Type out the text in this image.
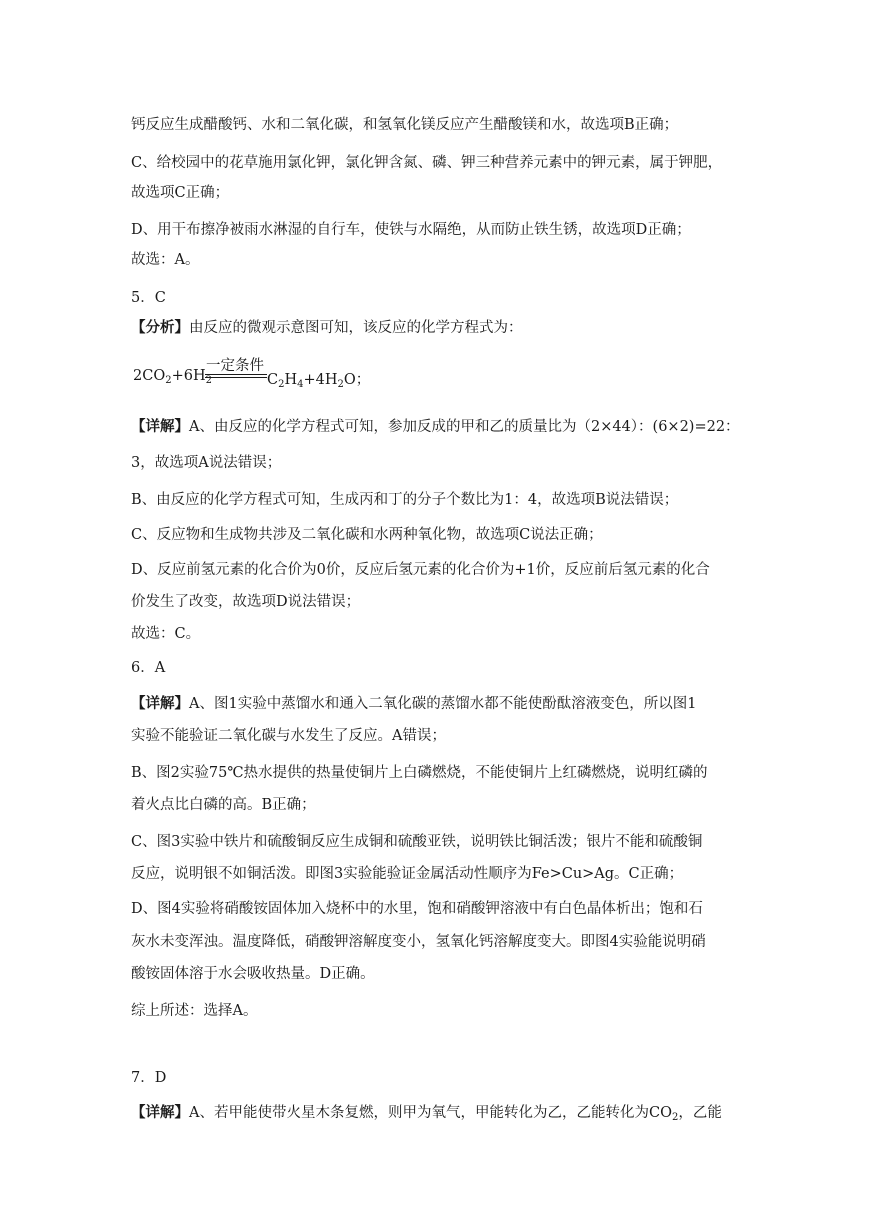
钙反应生成醋酸钙、水和二氧化碳，和氢氧化镁反应产生醋酸镁和水，故选项B正确；
C、给校园中的花草施用氯化钾，氯化钾含氮、磷、钾三种营养元素中的钾元素，属于钾肥，
故选项C正确；
D、用干布擦净被雨水淋湿的自行车，使铁与水隔绝，从而防止铁生锈，故选项D正确；
故选：A。
5．C
【分析】由反应的微观示意图可知，该反应的化学方程式为：
$2CO_2+6H_2$
一定条件
$C_2H_4+4H_2O$；
【详解】A、由反应的化学方程式可知，参加反成的甲和乙的质量比为（2×44）：(6×2)=22：
3，故选项A说法错误；
B、由反应的化学方程式可知，生成丙和丁的分子个数比为1：4，故选项B说法错误；
C、反应物和生成物共涉及二氧化碳和水两种氧化物，故选项C说法正确；
D、反应前氢元素的化合价为0价，反应后氢元素的化合价为+1价，反应前后氢元素的化合
价发生了改变，故选项D说法错误；
故选：C。
6．A
【详解】A、图1实验中蒸馏水和通入二氧化碳的蒸馏水都不能使酚酞溶液变色，所以图1
实验不能验证二氧化碳与水发生了反应。A错误；
B、图2实验75℃热水提供的热量使铜片上白磷燃烧，不能使铜片上红磷燃烧，说明红磷的
着火点比白磷的高。B正确；
C、图3实验中铁片和硫酸铜反应生成铜和硫酸亚铁，说明铁比铜活泼；银片不能和硫酸铜
反应，说明银不如铜活泼。即图3实验能验证金属活动性顺序为Fe>Cu>Ag。C正确；
D、图4实验将硝酸铵固体加入烧杯中的水里，饱和硝酸钾溶液中有白色晶体析出；饱和石
灰水未变浑浊。温度降低，硝酸钾溶解度变小，氢氧化钙溶解度变大。即图4实验能说明硝
酸铵固体溶于水会吸收热量。D正确。
综上所述：选择A。
7．D
【详解】A、若甲能使带火星木条复燃，则甲为氧气，甲能转化为乙，乙能转化为$CO_2$，乙能
